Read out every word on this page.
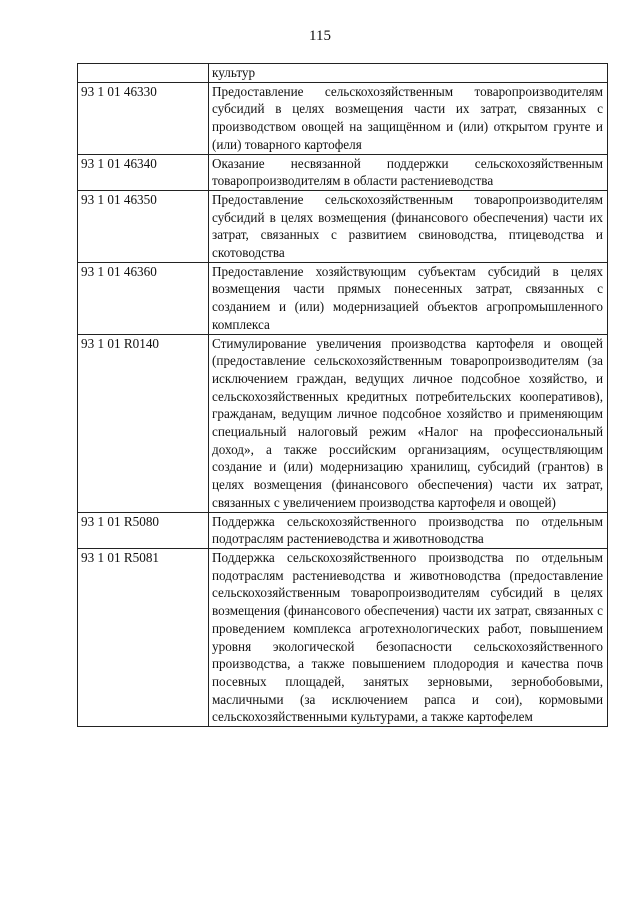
115
	культур
93 1 01 46330	Предоставление сельскохозяйственным товаропроизводителям субсидий в целях возмещения части их затрат, связанных с производством овощей на защищённом и (или) открытом грунте и (или) товарного картофеля
93 1 01 46340	Оказание несвязанной поддержки сельскохозяйственным товаропроизводителям в области растениеводства
93 1 01 46350	Предоставление сельскохозяйственным товаропроизводителям субсидий в целях возмещения (финансового обеспечения) части их затрат, связанных с развитием свиноводства, птицеводства и скотоводства
93 1 01 46360	Предоставление хозяйствующим субъектам субсидий в целях возмещения части прямых понесенных затрат, связанных с созданием и (или) модернизацией объектов агропромышленного комплекса
93 1 01 R0140	Стимулирование увеличения производства картофеля и овощей (предоставление сельскохозяйственным товаропроизводителям (за исключением граждан, ведущих личное подсобное хозяйство, и сельскохозяйственных кредитных потребительских кооперативов), гражданам, ведущим личное подсобное хозяйство и применяющим специальный налоговый режим «Налог на профессиональный доход», а также российским организациям, осуществляющим создание и (или) модернизацию хранилищ, субсидий (грантов) в целях возмещения (финансового обеспечения) части их затрат, связанных с увеличением производства картофеля и овощей)
93 1 01 R5080	Поддержка сельскохозяйственного производства по отдельным подотраслям растениеводства и животноводства
93 1 01 R5081	Поддержка сельскохозяйственного производства по отдельным подотраслям растениеводства и животноводства (предоставление сельскохозяйственным товаропроизводителям субсидий в целях возмещения (финансового обеспечения) части их затрат, связанных с проведением комплекса агротехнологических работ, повышением уровня экологической безопасности сельскохозяйственного производства, а также повышением плодородия и качества почв посевных площадей, занятых зерновыми, зернобобовыми, масличными (за исключением рапса и сои), кормовыми сельскохозяйственными культурами, а также картофелем
